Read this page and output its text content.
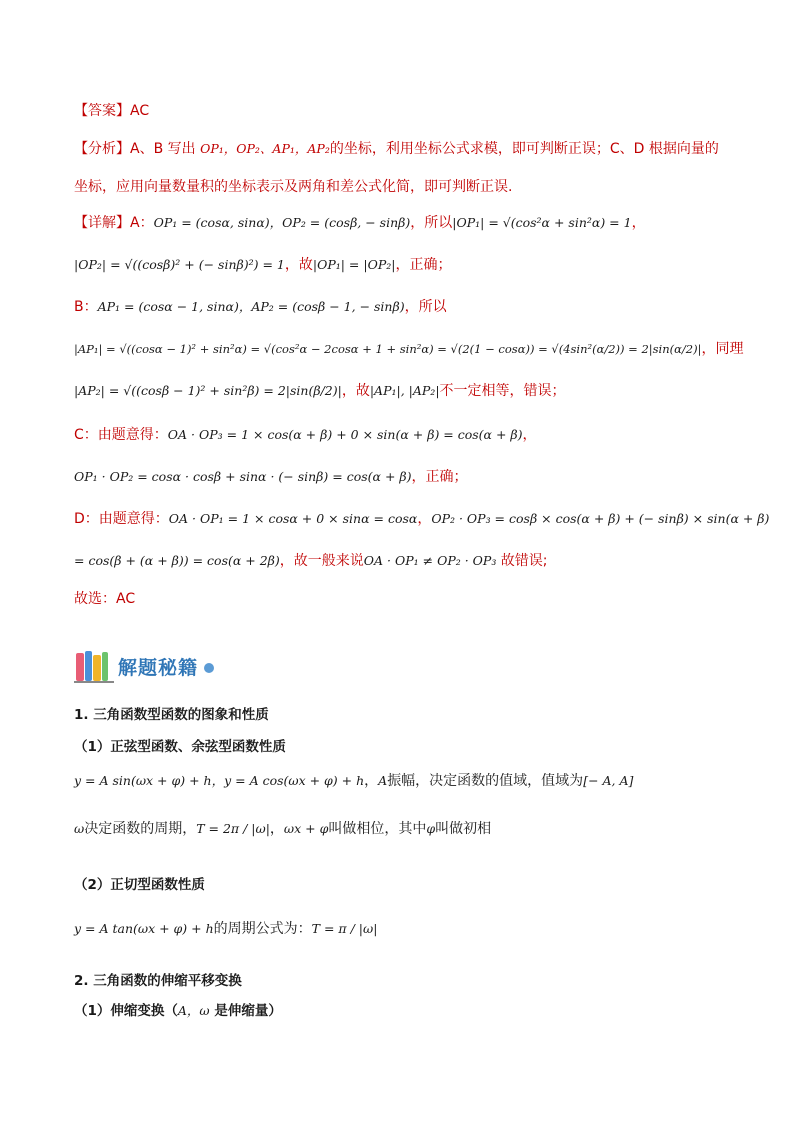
【答案】AC
【分析】A、B 写出 OP₁，OP₂、AP₁，AP₂的坐标，利用坐标公式求模，即可判断正误；C、D 根据向量的
坐标，应用向量数量积的坐标表示及两角和差公式化简，即可判断正误.
【详解】A：OP₁ = (cosα, sinα)，OP₂ = (cosβ, − sinβ)，所以|OP₁| = √(cos²α + sin²α) = 1，
|OP₂| = √((cosβ)² + (− sinβ)²) = 1，故|OP₁| = |OP₂|，正确；
B：AP₁ = (cosα − 1, sinα)，AP₂ = (cosβ − 1, − sinβ)，所以
|AP₁| = √((cosα − 1)² + sin²α) = √(cos²α − 2cosα + 1 + sin²α) = √(2(1 − cosα)) = √(4sin²(α/2)) = 2|sin(α/2)|，同理
|AP₂| = √((cosβ − 1)² + sin²β) = 2|sin(β/2)|，故|AP₁|, |AP₂|不一定相等，错误；
C：由题意得：OA · OP₃ = 1 × cos(α + β) + 0 × sin(α + β) = cos(α + β)，
OP₁ · OP₂ = cosα · cosβ + sinα · (− sinβ) = cos(α + β)，正确；
D：由题意得：OA · OP₁ = 1 × cosα + 0 × sinα = cosα，OP₂ · OP₃ = cosβ × cos(α + β) + (− sinβ) × sin(α + β)
= cos(β + (α + β)) = cos(α + 2β)，故一般来说OA · OP₁ ≠ OP₂ · OP₃ 故错误;
故选：AC
解题秘籍
1. 三角函数型函数的图象和性质
（1）正弦型函数、余弦型函数性质
y = A sin(ωx + φ) + h，y = A cos(ωx + φ) + h，A振幅，决定函数的值域，值域为[− A, A]
ω决定函数的周期，T = 2π / |ω|，ωx + φ叫做相位，其中φ叫做初相
（2）正切型函数性质
y = A tan(ωx + φ) + h的周期公式为：T = π / |ω|
2. 三角函数的伸缩平移变换
（1）伸缩变换（A，ω 是伸缩量）
